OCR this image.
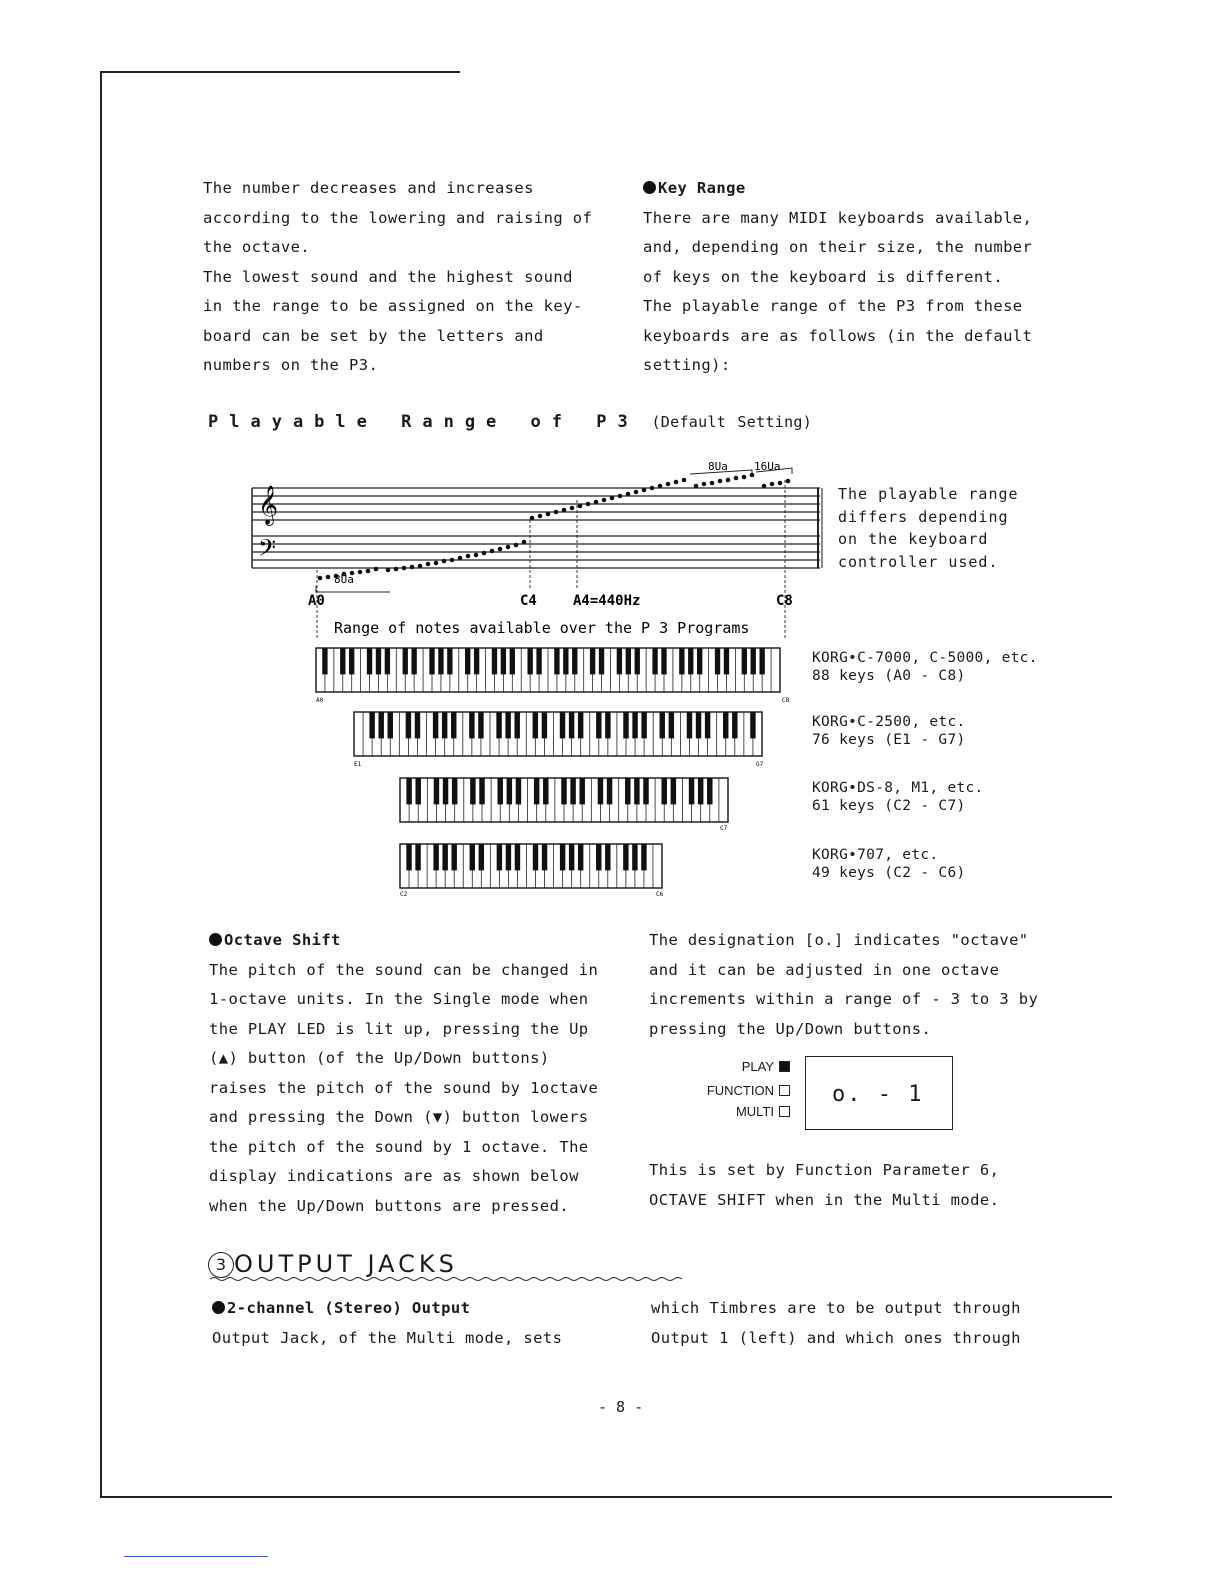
The number decreases and increases
according to the lowering and raising of
the octave.
The lowest sound and the highest sound
in the range to be assigned on the key-
board can be set by the letters and
numbers on the P3.
Key Range
There are many MIDI keyboards available,
and, depending on their size, the number
of keys on the keyboard is different.
The playable range of the P3 from these
keyboards are as follows (in the default
setting):
Playable Range of P3 (Default Setting)
𝄞
𝄢
8Ua
8Ua 16Ua
A0	C4	A4=440Hz	C8
Range of notes available over the P 3 Programs
The playable range
differs depending
on the keyboard
controller used.
A0	C8
E1	G7
C7
C2	C6
KORG•C-7000, C-5000, etc.
88 keys (A0 - C8)
KORG•C-2500, etc.
76 keys (E1 - G7)
KORG•DS-8, M1, etc.
61 keys (C2 - C7)
KORG•707, etc.
49 keys (C2 - C6)
Octave Shift
The pitch of the sound can be changed in
1-octave units. In the Single mode when
the PLAY LED is lit up, pressing the Up
(▲) button (of the Up/Down buttons)
raises the pitch of the sound by 1octave
and pressing the Down (▼) button lowers
the pitch of the sound by 1 octave. The
display indications are as shown below
when the Up/Down buttons are pressed.
The designation [o.] indicates "octave"
and it can be adjusted in one octave
increments within a range of - 3 to 3 by
pressing the Up/Down buttons.
PLAY
FUNCTION
MULTI
o. - 1
This is set by Function Parameter 6,
OCTAVE SHIFT when in the Multi mode.
3 OUTPUT JACKS
2-channel (Stereo) Output
Output Jack, of the Multi mode, sets
which Timbres are to be output through
Output 1 (left) and which ones through
- 8 -
